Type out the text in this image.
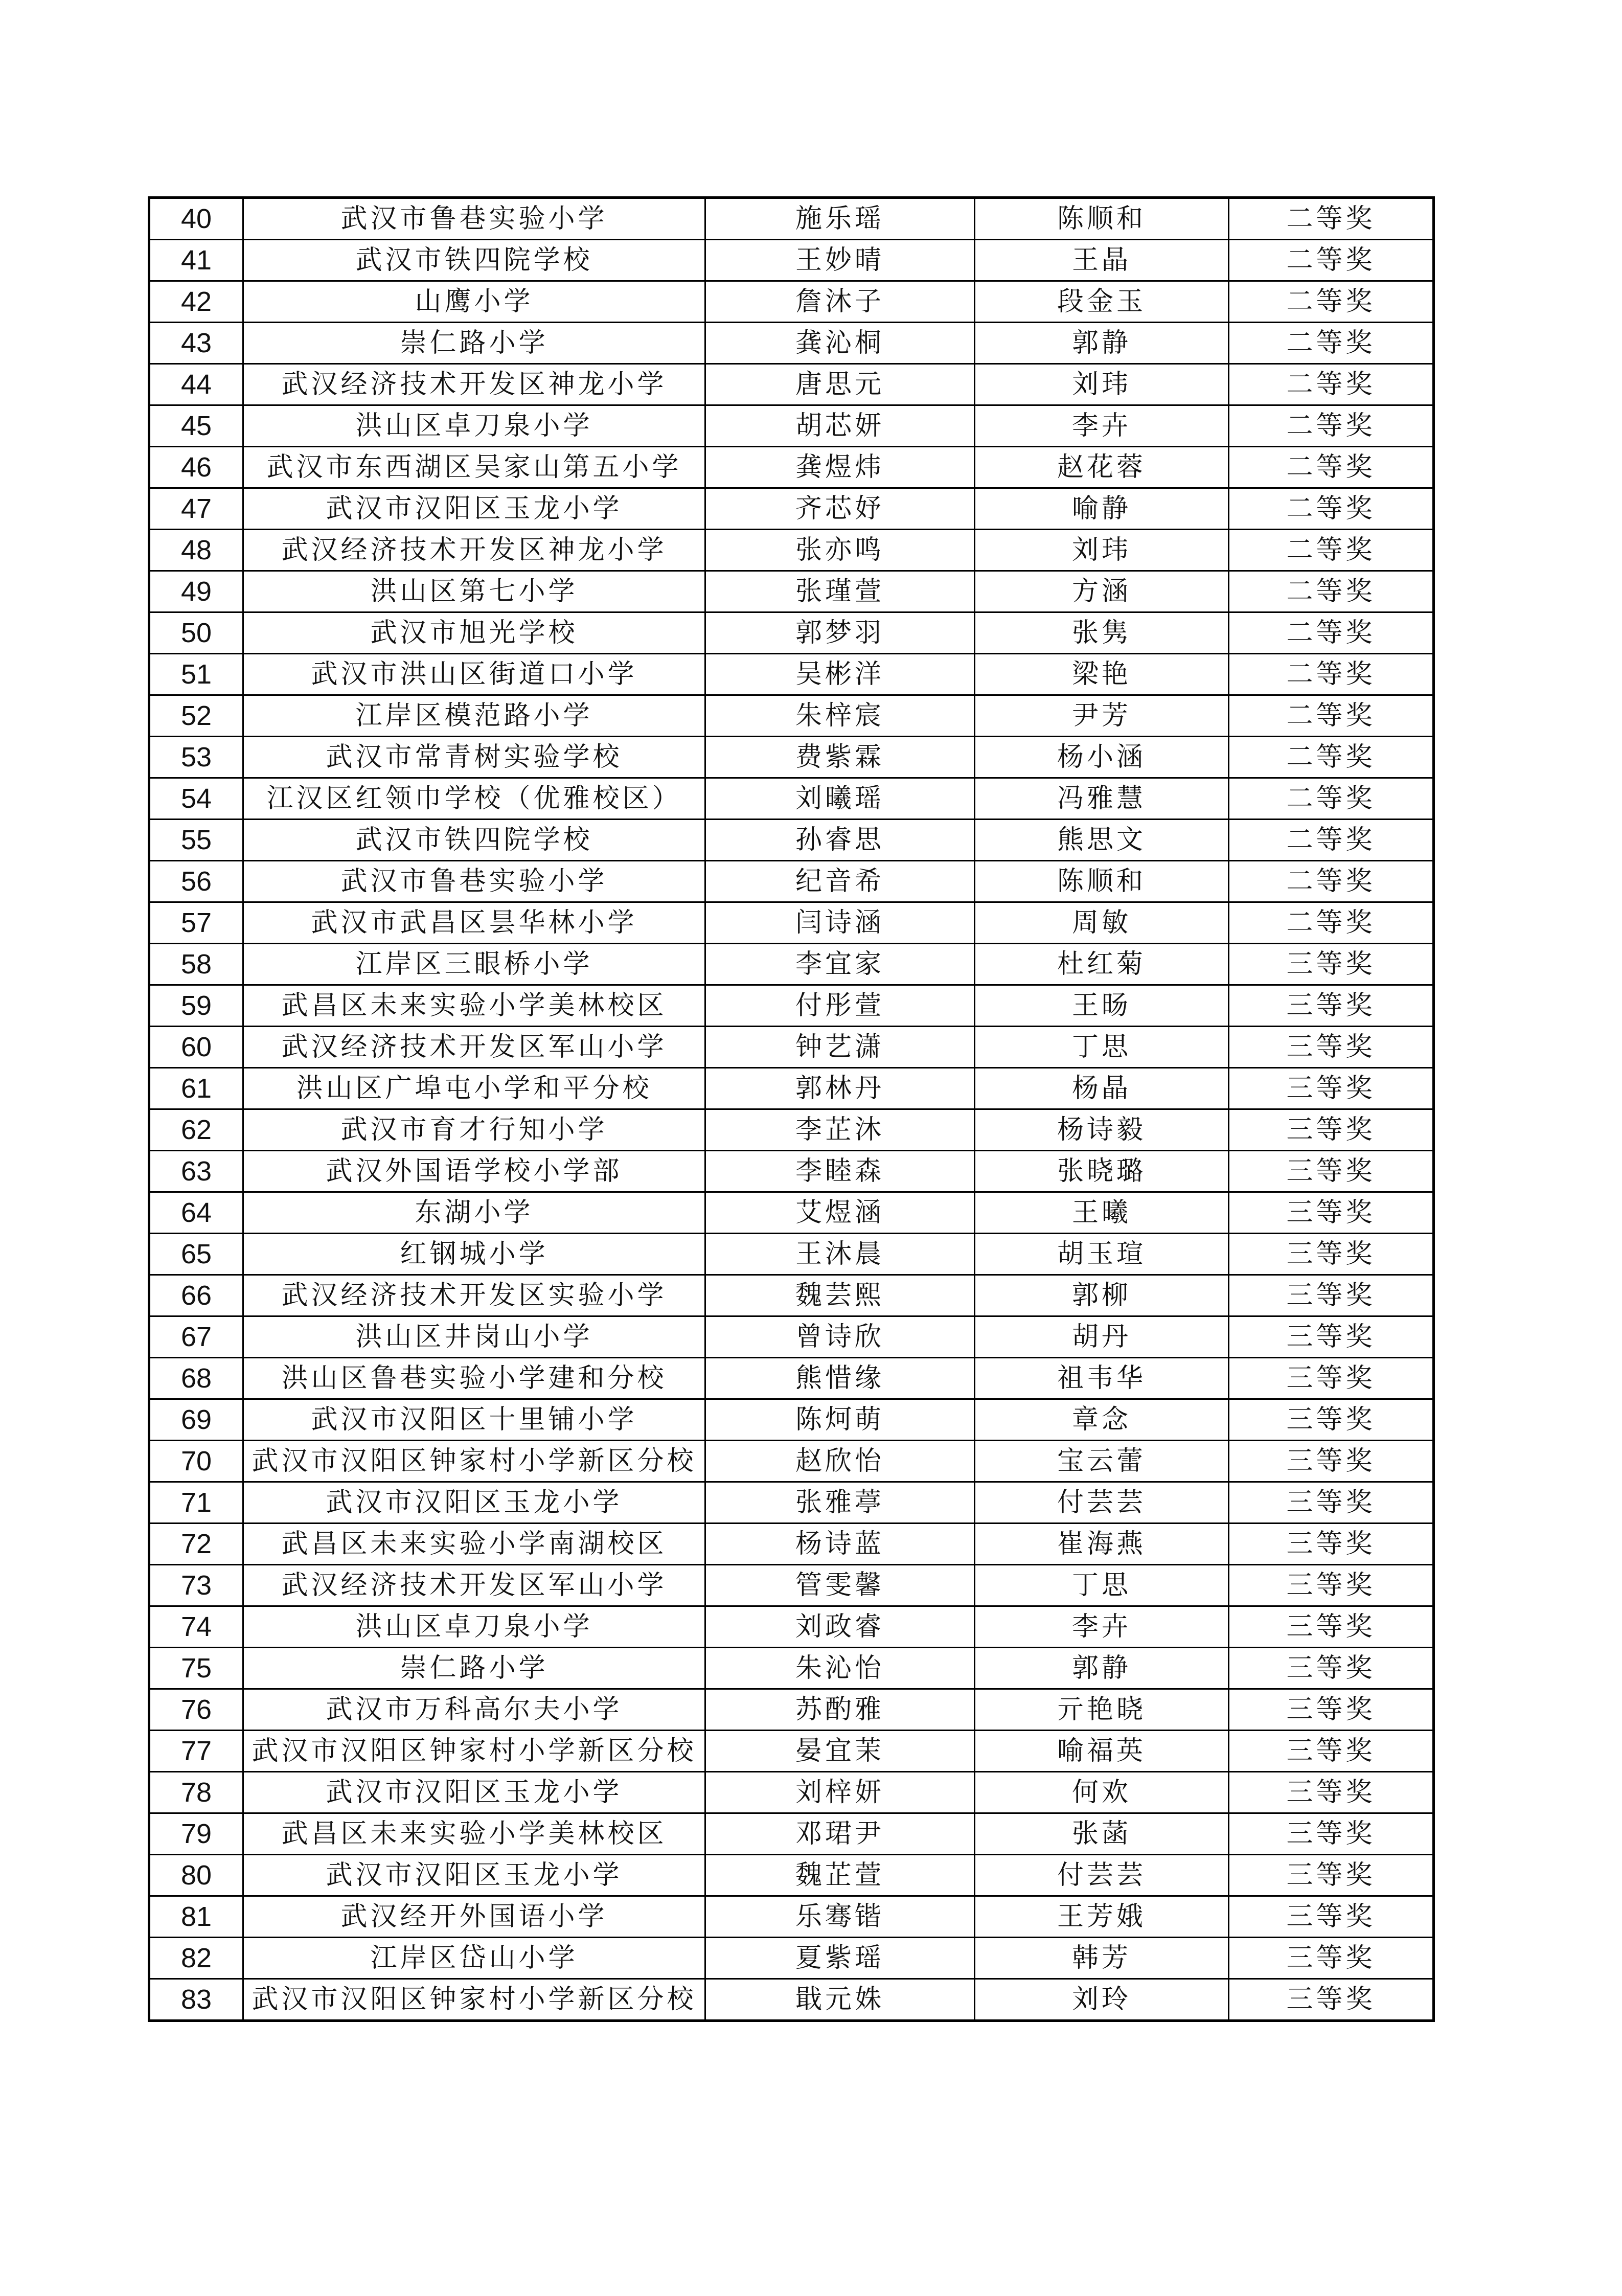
40	武汉市鲁巷实验小学	施乐瑶	陈顺和	二等奖
41	武汉市铁四院学校	王妙晴	王晶	二等奖
42	山鹰小学	詹沐子	段金玉	二等奖
43	崇仁路小学	龚沁桐	郭静	二等奖
44	武汉经济技术开发区神龙小学	唐思元	刘玮	二等奖
45	洪山区卓刀泉小学	胡芯妍	李卉	二等奖
46	武汉市东西湖区吴家山第五小学	龚煜炜	赵花蓉	二等奖
47	武汉市汉阳区玉龙小学	齐芯妤	喻静	二等奖
48	武汉经济技术开发区神龙小学	张亦鸣	刘玮	二等奖
49	洪山区第七小学	张瑾萱	方涵	二等奖
50	武汉市旭光学校	郭梦羽	张隽	二等奖
51	武汉市洪山区街道口小学	吴彬洋	梁艳	二等奖
52	江岸区模范路小学	朱梓宸	尹芳	二等奖
53	武汉市常青树实验学校	费紫霖	杨小涵	二等奖
54	江汉区红领巾学校（优雅校区）	刘曦瑶	冯雅慧	二等奖
55	武汉市铁四院学校	孙睿思	熊思文	二等奖
56	武汉市鲁巷实验小学	纪音希	陈顺和	二等奖
57	武汉市武昌区昙华林小学	闫诗涵	周敏	二等奖
58	江岸区三眼桥小学	李宜家	杜红菊	三等奖
59	武昌区未来实验小学美林校区	付彤萱	王旸	三等奖
60	武汉经济技术开发区军山小学	钟艺潇	丁思	三等奖
61	洪山区广埠屯小学和平分校	郭林丹	杨晶	三等奖
62	武汉市育才行知小学	李芷沐	杨诗毅	三等奖
63	武汉外国语学校小学部	李睦森	张晓璐	三等奖
64	东湖小学	艾煜涵	王曦	三等奖
65	红钢城小学	王沐晨	胡玉瑄	三等奖
66	武汉经济技术开发区实验小学	魏芸熙	郭柳	三等奖
67	洪山区井岗山小学	曾诗欣	胡丹	三等奖
68	洪山区鲁巷实验小学建和分校	熊惜缘	祖韦华	三等奖
69	武汉市汉阳区十里铺小学	陈炣萌	章念	三等奖
70	武汉市汉阳区钟家村小学新区分校	赵欣怡	宝云蕾	三等奖
71	武汉市汉阳区玉龙小学	张雅葶	付芸芸	三等奖
72	武昌区未来实验小学南湖校区	杨诗蓝	崔海燕	三等奖
73	武汉经济技术开发区军山小学	管雯馨	丁思	三等奖
74	洪山区卓刀泉小学	刘政睿	李卉	三等奖
75	崇仁路小学	朱沁怡	郭静	三等奖
76	武汉市万科高尔夫小学	苏酌雅	亓艳晓	三等奖
77	武汉市汉阳区钟家村小学新区分校	晏宜茉	喻福英	三等奖
78	武汉市汉阳区玉龙小学	刘梓妍	何欢	三等奖
79	武昌区未来实验小学美林校区	邓珺尹	张菡	三等奖
80	武汉市汉阳区玉龙小学	魏芷萱	付芸芸	三等奖
81	武汉经开外国语小学	乐骞锴	王芳娥	三等奖
82	江岸区岱山小学	夏紫瑶	韩芳	三等奖
83	武汉市汉阳区钟家村小学新区分校	戢元姝	刘玲	三等奖
